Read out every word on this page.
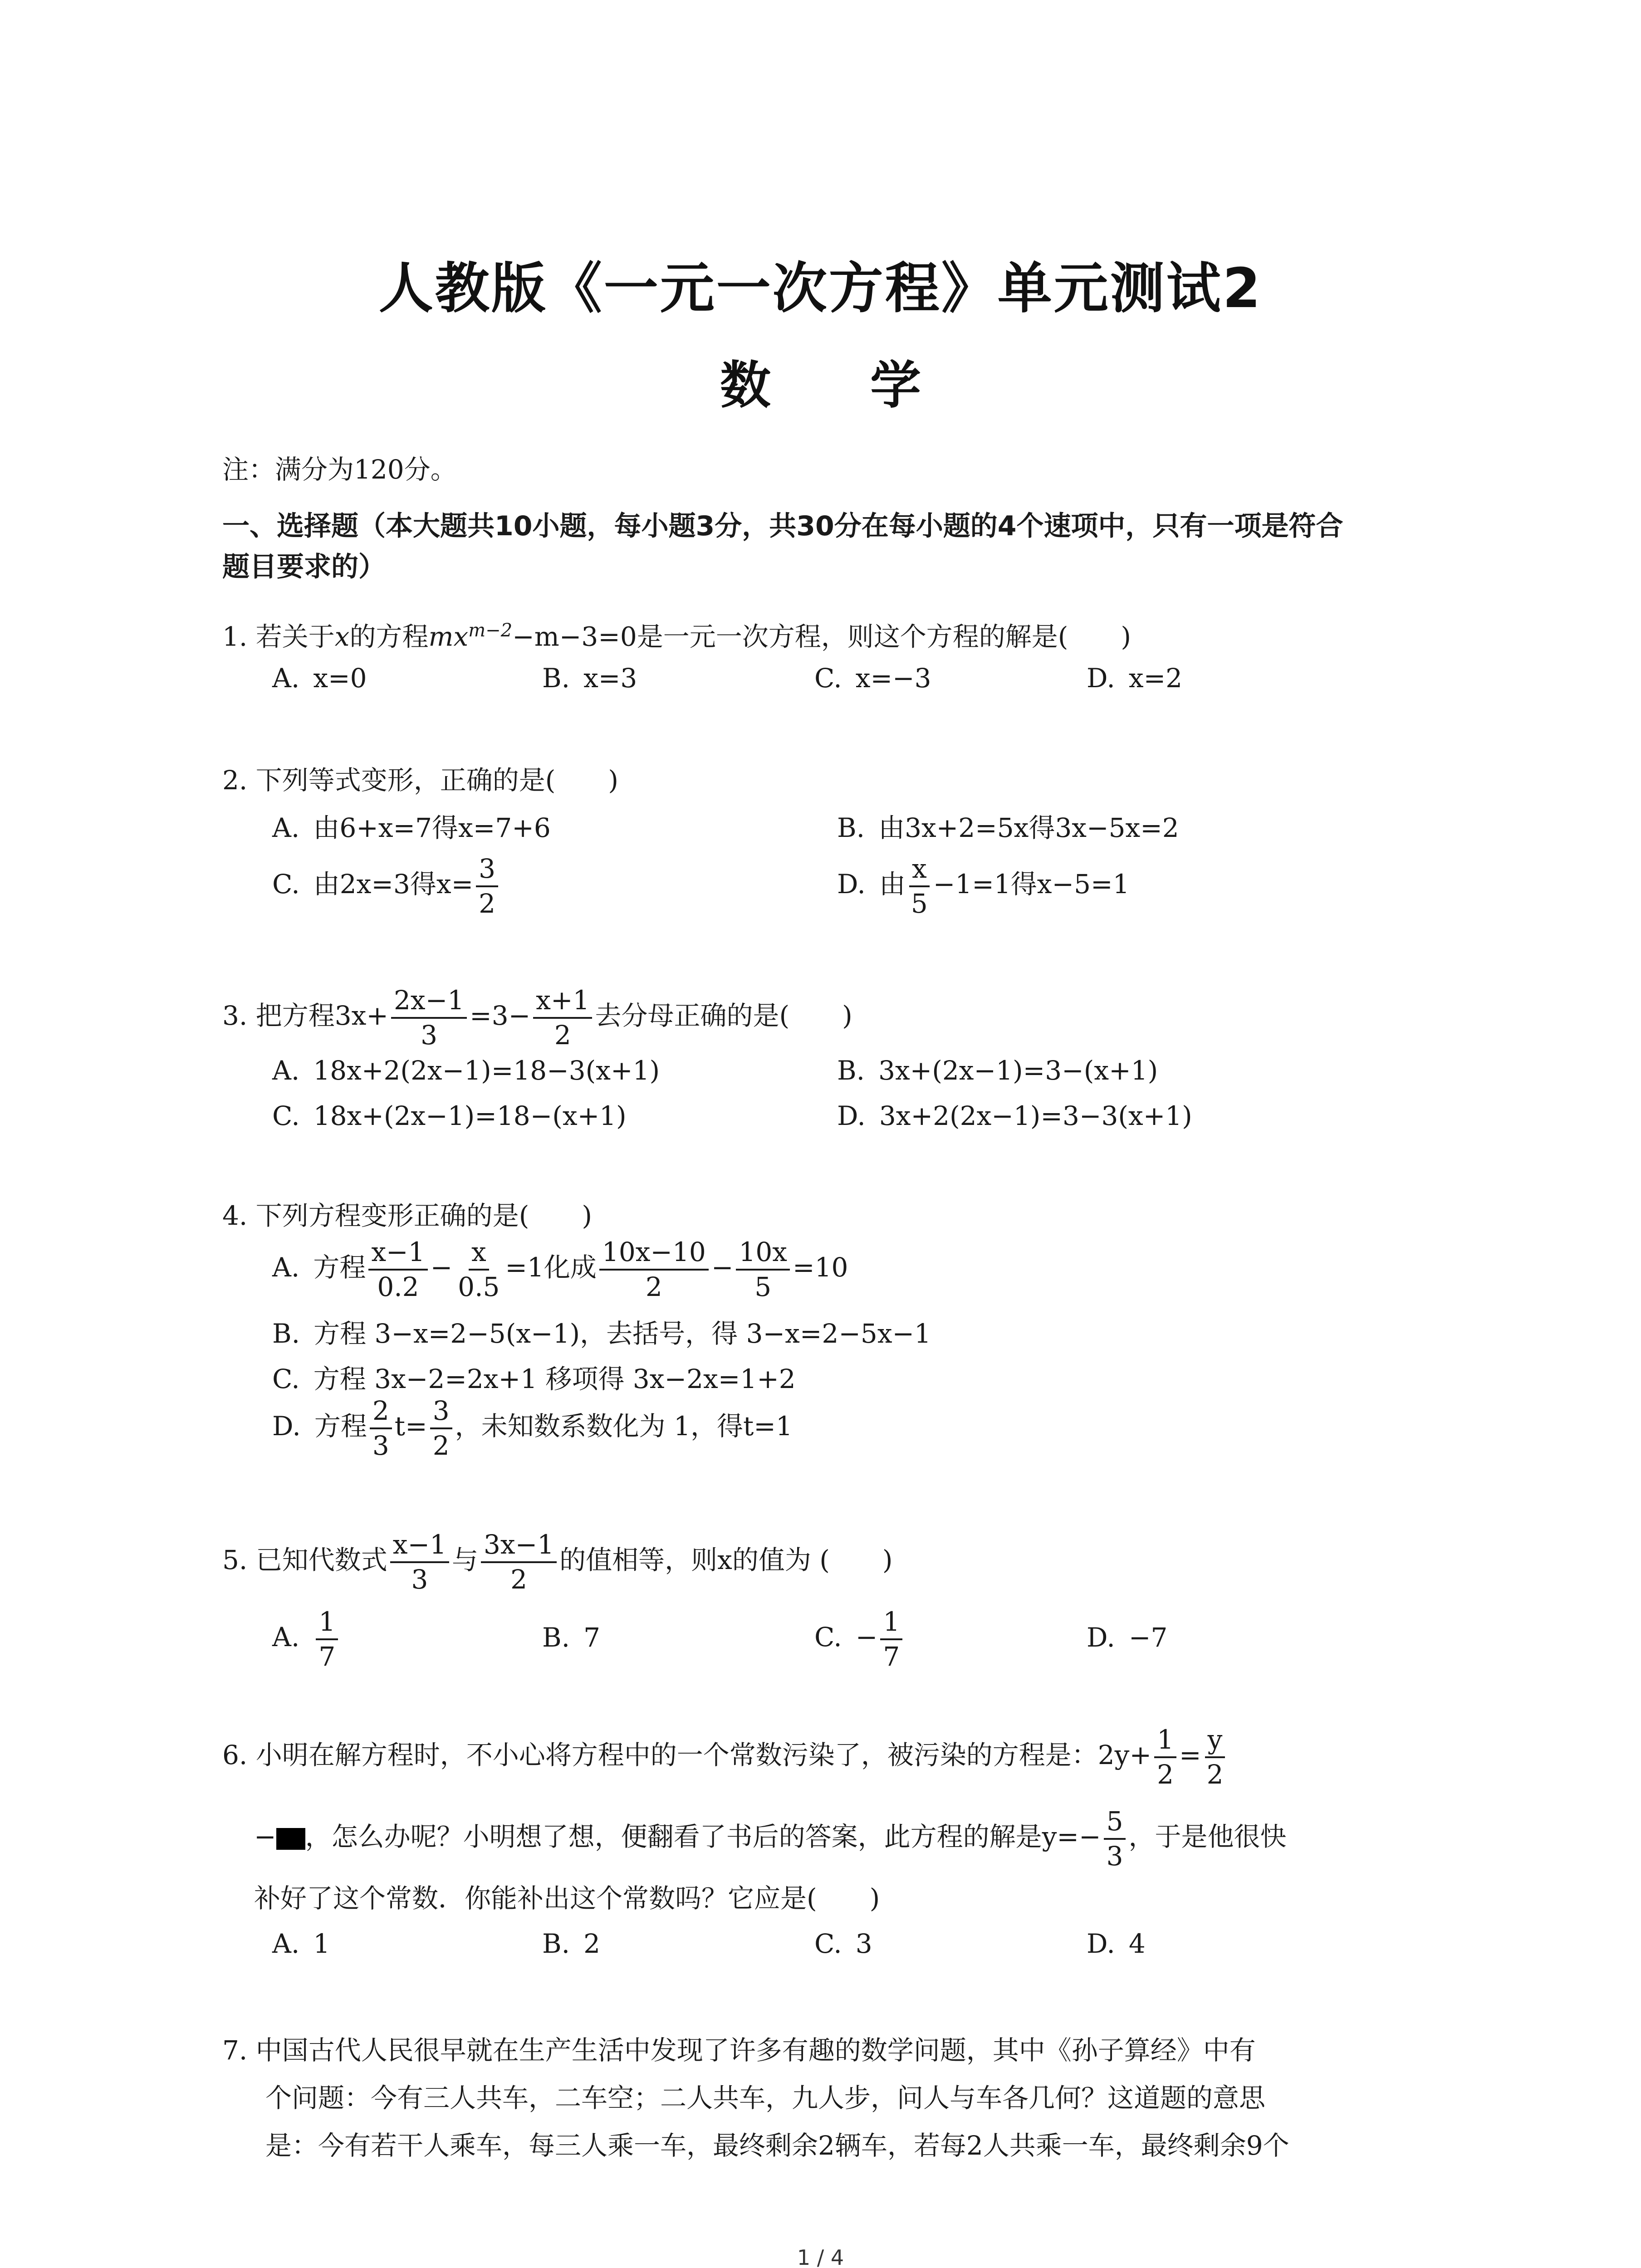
人教版《一元一次方程》单元测试2
数 学
注：满分为120分。
一、选择题（本大题共10小题，每小题3分，共30分在每小题的4个速项中，只有一项是符合
题目要求的）
1. 若关于x的方程$mx^{m-2}-m-3=0$是一元一次方程，则这个方程的解是(　　)
A. x=0	B. x=3	C. x=−3	D. x=2
2. 下列等式变形，正确的是(　　)
A. 由6+x=7得x=7+6	B. 由3x+2=5x得3x−5x=2
C. 由2x=3得$x= \frac{3}{2}$	D. 由 $\frac{x}{5} -1=1$得x−5=1
3. 把方程$3x+ \frac{2x-1}{3} =3- \frac{x+1}{2}$ 去分母正确的是(　　)
A. 18x+2(2x−1)=18−3(x+1)	B. 3x+(2x−1)=3−(x+1)
C. 18x+(2x−1)=18−(x+1)	D. 3x+2(2x−1)=3−3(x+1)
4. 下列方程变形正确的是(　　)
A. 方程 $\frac{x-1}{0.2} - \frac{x}{0.5} =1$化成 $\frac{10x-10}{2} - \frac{10x}{5} =10$
B. 方程 3−x=2−5(x−1)，去括号，得 3−x=2−5x−1
C. 方程 3x−2=2x+1 移项得 3x−2x=1+2
D. 方程 $\frac{2}{3} t= \frac{3}{2}$ ，未知数系数化为 1，得t=1
5. 已知代数式 $\frac{x-1}{3}$ 与 $\frac{3x-1}{2}$ 的值相等，则x的值为 (　　)
A. $\frac{1}{7}$	B. 7	C. − $\frac{1}{7}$	D. −7
6. 小明在解方程时，不小心将方程中的一个常数污染了，被污染的方程是：$2y+ \frac{1}{2} = \frac{y}{2}$
− ，怎么办呢？小明想了想，便翻看了书后的答案，此方程的解是$y=- \frac{5}{3}$ ，于是他很快
补好了这个常数．你能补出这个常数吗？它应是(　　)
A. 1	B. 2	C. 3	D. 4
7. 中国古代人民很早就在生产生活中发现了许多有趣的数学问题，其中《孙子算经》中有
个问题：今有三人共车，二车空；二人共车，九人步，问人与车各几何？这道题的意思
是：今有若干人乘车，每三人乘一车，最终剩余2辆车，若每2人共乘一车，最终剩余9个
1 / 4
